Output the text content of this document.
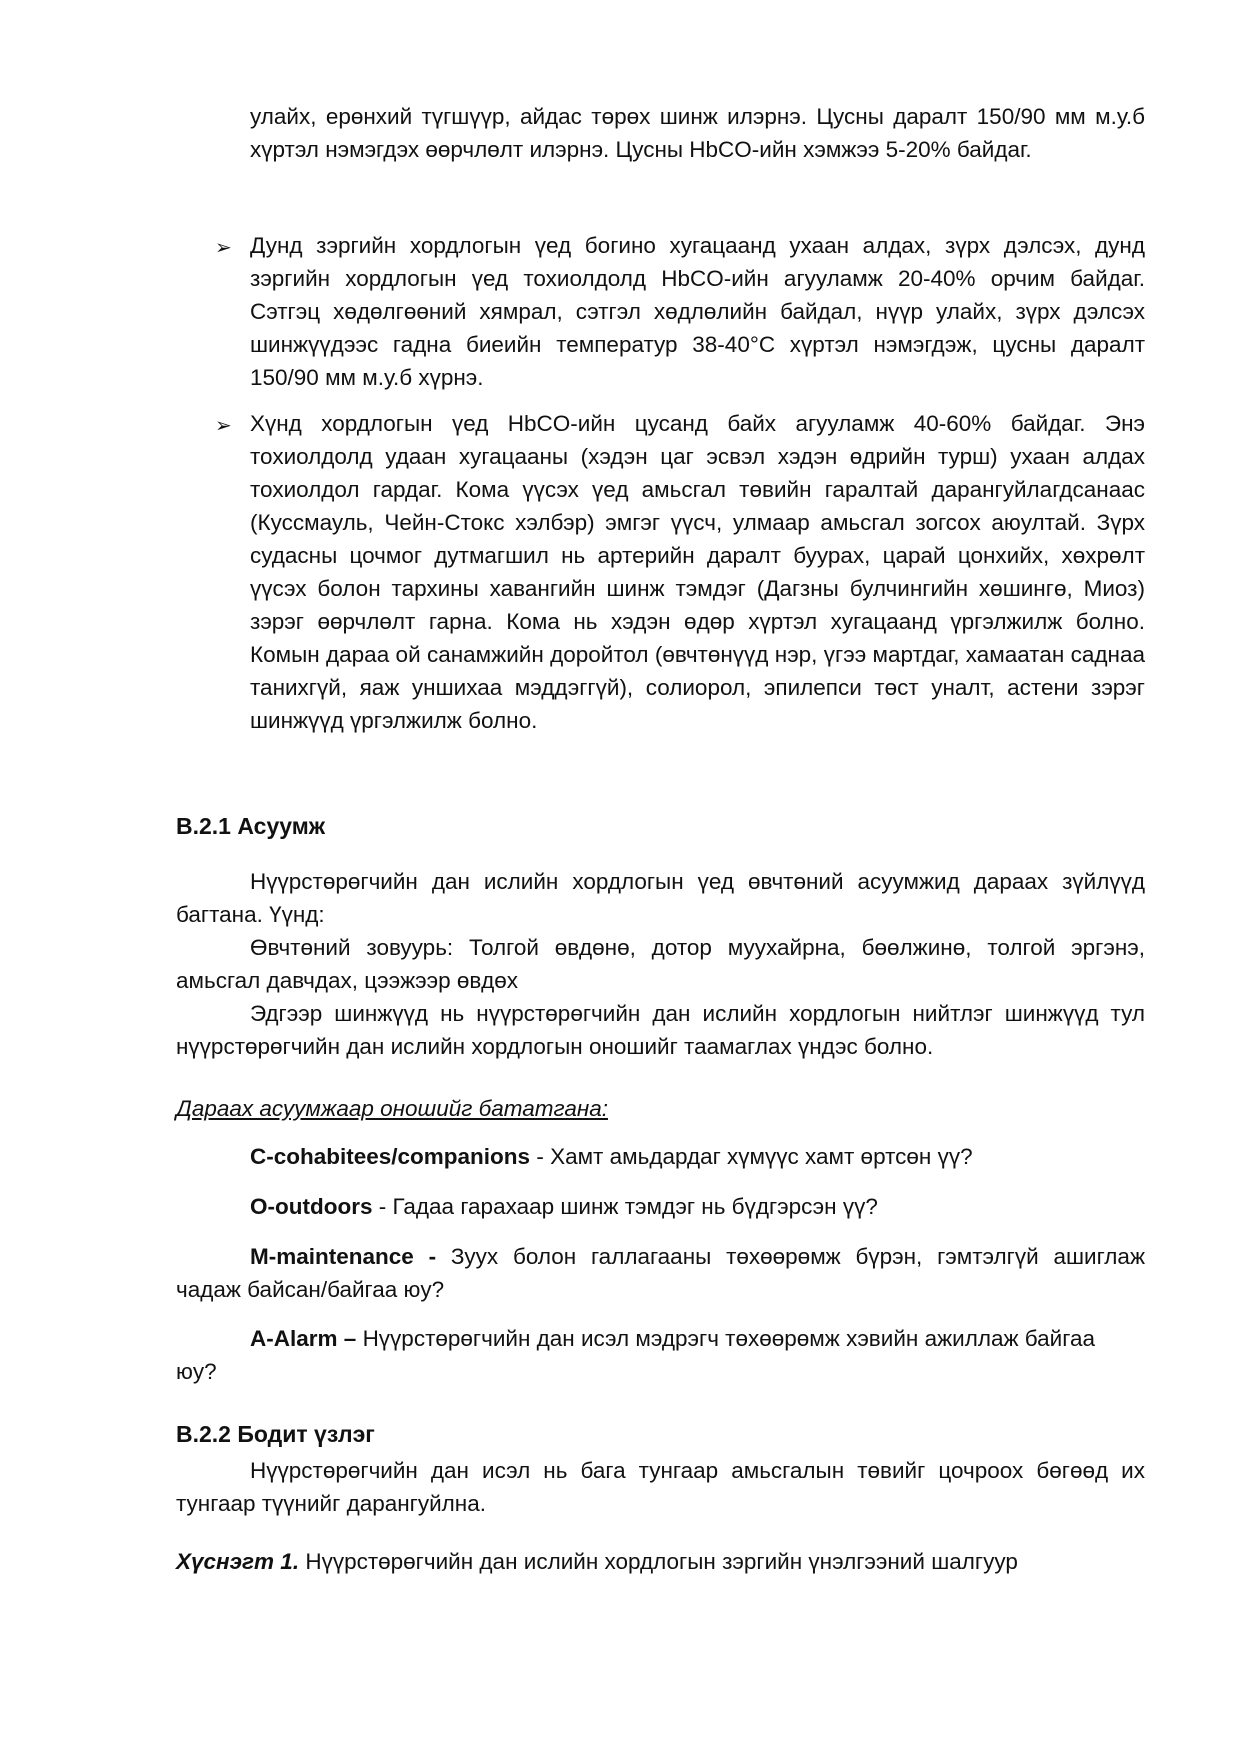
улайх, ерөнхий түгшүүр, айдас төрөх шинж илэрнэ. Цусны даралт 150/90 мм м.у.б хүртэл нэмэгдэх өөрчлөлт илэрнэ. Цусны HbCO-ийн хэмжээ 5-20% байдаг.

➢ Дунд зэргийн хордлогын үед богино хугацаанд ухаан алдах, зүрх дэлсэх, дунд зэргийн хордлогын үед тохиолдолд HbCO-ийн агууламж 20-40% орчим байдаг. Сэтгэц хөдөлгөөний хямрал, сэтгэл хөдлөлийн байдал, нүүр улайх, зүрх дэлсэх шинжүүдээс гадна биеийн температур 38-40°C хүртэл нэмэгдэж, цусны даралт 150/90 мм м.у.б хүрнэ.

➢ Хүнд хордлогын үед HbCO-ийн цусанд байх агууламж 40-60% байдаг. Энэ тохиолдолд удаан хугацааны (хэдэн цаг эсвэл хэдэн өдрийн турш) ухаан алдах тохиолдол гардаг. Кома үүсэх үед амьсгал төвийн гаралтай дарангуйлагдсанаас (Куссмауль, Чейн-Стокс хэлбэр) эмгэг үүсч, улмаар амьсгал зогсох аюултай. Зүрх судасны цочмог дутмагшил нь артерийн даралт буурах, царай цонхийх, хөхрөлт үүсэх болон тархины хавангийн шинж тэмдэг (Дагзны булчингийн хөшингө, Миоз) зэрэг өөрчлөлт гарна. Кома нь хэдэн өдөр хүртэл хугацаанд үргэлжилж болно. Комын дараа ой санамжийн доройтол (өвчтөнүүд нэр, үгээ мартдаг, хамаатан саднаа танихгүй, яаж уншихаа мэддэггүй), солиорол, эпилепси төст уналт, астени зэрэг шинжүүд үргэлжилж болно.

B.2.1 Асуумж

Нүүрстөрөгчийн дан ислийн хордлогын үед өвчтөний асуумжид дараах зүйлүүд багтана. Үүнд:

Өвчтөний зовуурь: Толгой өвдөнө, дотор муухайрна, бөөлжинө, толгой эргэнэ, амьсгал давчдах, цээжээр өвдөх

Эдгээр шинжүүд нь нүүрстөрөгчийн дан ислийн хордлогын нийтлэг шинжүүд тул нүүрстөрөгчийн дан ислийн хордлогын оношийг таамаглах үндэс болно.

Дараах асуумжаар оношийг бататгана:

C-cohabitees/companions - Хамт амьдардаг хүмүүс хамт өртсөн үү?

O-outdoors - Гадаа гарахаар шинж тэмдэг нь бүдгэрсэн үү?

M-maintenance - Зуух болон галлагааны төхөөрөмж бүрэн, гэмтэлгүй ашиглаж чадаж байсан/байгаа юу?

A-Alarm – Нүүрстөрөгчийн дан исэл мэдрэгч төхөөрөмж хэвийн ажиллаж байгаа юу?

B.2.2 Бодит үзлэг

Нүүрстөрөгчийн дан исэл нь бага тунгаар амьсгалын төвийг цочроох бөгөөд их тунгаар түүнийг дарангуйлна.

Хүснэгт 1. Нүүрстөрөгчийн дан ислийн хордлогын зэргийн үнэлгээний шалгуур
